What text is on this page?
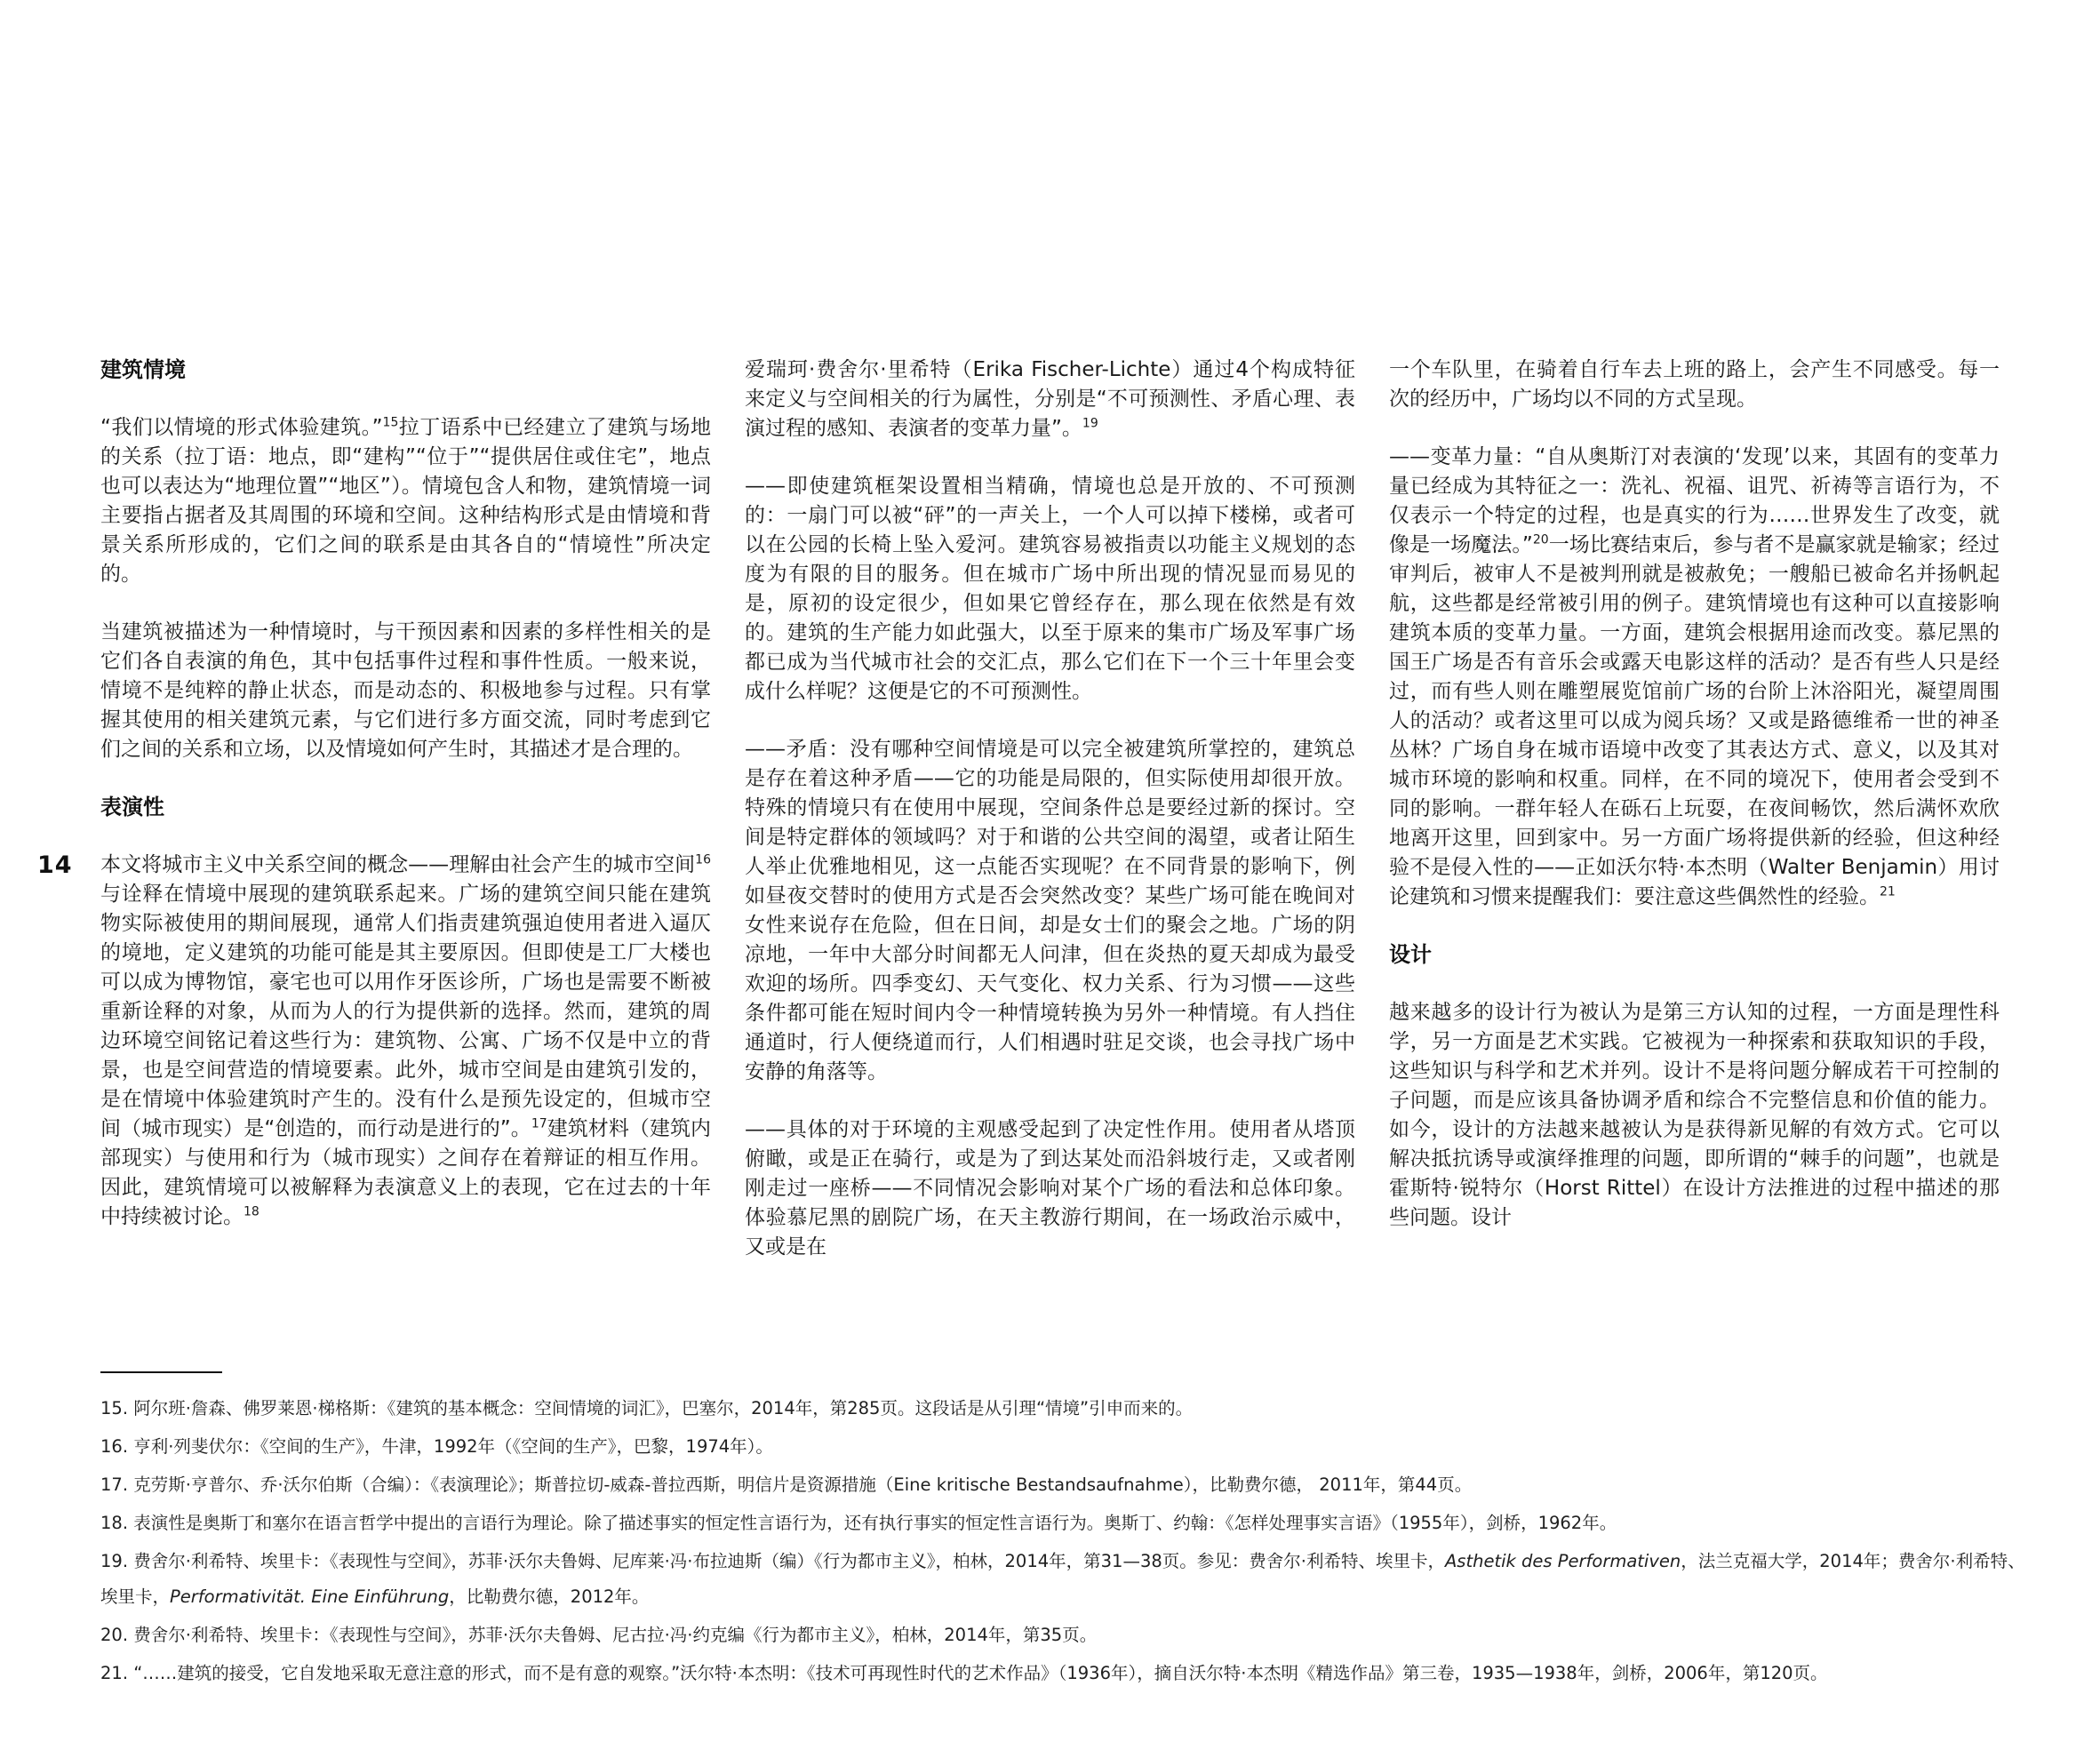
14
建筑情境

“我们以情境的形式体验建筑。”$^{15}$拉丁语系中已经建立了建筑与场地的关系（拉丁语：地点，即“建构”“位于”“提供居住或住宅”，地点也可以表达为“地理位置”“地区”）。情境包含人和物，建筑情境一词主要指占据者及其周围的环境和空间。这种结构形式是由情境和背景关系所形成的，它们之间的联系是由其各自的“情境性”所决定的。

当建筑被描述为一种情境时，与干预因素和因素的多样性相关的是它们各自表演的角色，其中包括事件过程和事件性质。一般来说，情境不是纯粹的静止状态，而是动态的、积极地参与过程。只有掌握其使用的相关建筑元素，与它们进行多方面交流，同时考虑到它们之间的关系和立场，以及情境如何产生时，其描述才是合理的。

表演性

本文将城市主义中关系空间的概念——理解由社会产生的城市空间$^{16}$与诠释在情境中展现的建筑联系起来。广场的建筑空间只能在建筑物实际被使用的期间展现，通常人们指责建筑强迫使用者进入逼仄的境地，定义建筑的功能可能是其主要原因。但即使是工厂大楼也可以成为博物馆，豪宅也可以用作牙医诊所，广场也是需要不断被重新诠释的对象，从而为人的行为提供新的选择。然而，建筑的周边环境空间铭记着这些行为：建筑物、公寓、广场不仅是中立的背景，也是空间营造的情境要素。此外，城市空间是由建筑引发的，是在情境中体验建筑时产生的。没有什么是预先设定的，但城市空间（城市现实）是“创造的，而行动是进行的”。$^{17}$建筑材料（建筑内部现实）与使用和行为（城市现实）之间存在着辩证的相互作用。因此，建筑情境可以被解释为表演意义上的表现，它在过去的十年中持续被讨论。$^{18}$

爱瑞珂·费舍尔·里希特（Erika Fischer-Lichte）通过4个构成特征来定义与空间相关的行为属性，分别是“不可预测性、矛盾心理、表演过程的感知、表演者的变革力量”。$^{19}$

——即使建筑框架设置相当精确，情境也总是开放的、不可预测的：一扇门可以被“砰”的一声关上，一个人可以掉下楼梯，或者可以在公园的长椅上坠入爱河。建筑容易被指责以功能主义规划的态度为有限的目的服务。但在城市广场中所出现的情况显而易见的是，原初的设定很少，但如果它曾经存在，那么现在依然是有效的。建筑的生产能力如此强大，以至于原来的集市广场及军事广场都已成为当代城市社会的交汇点，那么它们在下一个三十年里会变成什么样呢？这便是它的不可预测性。

——矛盾：没有哪种空间情境是可以完全被建筑所掌控的，建筑总是存在着这种矛盾——它的功能是局限的，但实际使用却很开放。特殊的情境只有在使用中展现，空间条件总是要经过新的探讨。空间是特定群体的领域吗？对于和谐的公共空间的渴望，或者让陌生人举止优雅地相见，这一点能否实现呢？在不同背景的影响下，例如昼夜交替时的使用方式是否会突然改变？某些广场可能在晚间对女性来说存在危险，但在日间，却是女士们的聚会之地。广场的阴凉地，一年中大部分时间都无人问津，但在炎热的夏天却成为最受欢迎的场所。四季变幻、天气变化、权力关系、行为习惯——这些条件都可能在短时间内令一种情境转换为另外一种情境。有人挡住通道时，行人便绕道而行，人们相遇时驻足交谈，也会寻找广场中安静的角落等。

——具体的对于环境的主观感受起到了决定性作用。使用者从塔顶俯瞰，或是正在骑行，或是为了到达某处而沿斜坡行走，又或者刚刚走过一座桥——不同情况会影响对某个广场的看法和总体印象。体验慕尼黑的剧院广场，在天主教游行期间，在一场政治示威中，又或是在

一个车队里，在骑着自行车去上班的路上，会产生不同感受。每一次的经历中，广场均以不同的方式呈现。

——变革力量：“自从奥斯汀对表演的‘发现’以来，其固有的变革力量已经成为其特征之一：洗礼、祝福、诅咒、祈祷等言语行为，不仅表示一个特定的过程，也是真实的行为……世界发生了改变，就像是一场魔法。”$^{20}$一场比赛结束后，参与者不是赢家就是输家；经过审判后，被审人不是被判刑就是被赦免；一艘船已被命名并扬帆起航，这些都是经常被引用的例子。建筑情境也有这种可以直接影响建筑本质的变革力量。一方面，建筑会根据用途而改变。慕尼黑的国王广场是否有音乐会或露天电影这样的活动？是否有些人只是经过，而有些人则在雕塑展览馆前广场的台阶上沐浴阳光，凝望周围人的活动？或者这里可以成为阅兵场？又或是路德维希一世的神圣丛林？广场自身在城市语境中改变了其表达方式、意义，以及其对城市环境的影响和权重。同样，在不同的境况下，使用者会受到不同的影响。一群年轻人在砾石上玩耍，在夜间畅饮，然后满怀欢欣地离开这里，回到家中。另一方面广场将提供新的经验，但这种经验不是侵入性的——正如沃尔特·本杰明（Walter Benjamin）用讨论建筑和习惯来提醒我们：要注意这些偶然性的经验。$^{21}$

设计

越来越多的设计行为被认为是第三方认知的过程，一方面是理性科学，另一方面是艺术实践。它被视为一种探索和获取知识的手段，这些知识与科学和艺术并列。设计不是将问题分解成若干可控制的子问题，而是应该具备协调矛盾和综合不完整信息和价值的能力。如今，设计的方法越来越被认为是获得新见解的有效方式。它可以解决抵抗诱导或演绎推理的问题，即所谓的“棘手的问题”，也就是霍斯特·锐特尔（Horst Rittel）在设计方法推进的过程中描述的那些问题。设计

15. 阿尔班·詹森、佛罗莱恩·梯格斯：《建筑的基本概念：空间情境的词汇》，巴塞尔，2014年，第285页。这段话是从引理“情境”引申而来的。

16. 亨利·列斐伏尔：《空间的生产》，牛津，1992年（《空间的生产》，巴黎，1974年）。

17. 克劳斯·亨普尔、乔·沃尔伯斯（合编）：《表演理论》；斯普拉切-威森-普拉西斯，明信片是资源措施（Eine kritische Bestandsaufnahme），比勒费尔德， 2011年，第44页。

18. 表演性是奥斯丁和塞尔在语言哲学中提出的言语行为理论。除了描述事实的恒定性言语行为，还有执行事实的恒定性言语行为。奥斯丁、约翰：《怎样处理事实言语》（1955年），剑桥，1962年。

19. 费舍尔·利希特、埃里卡：《表现性与空间》，苏菲·沃尔夫鲁姆、尼库莱·冯·布拉迪斯（编）《行为都市主义》，柏林，2014年，第31—38页。参见：费舍尔·利希特、埃里卡，Asthetik des Performativen，法兰克福大学，2014年；费舍尔·利希特、埃里卡，Performativität. Eine Einführung，比勒费尔德，2012年。

20. 费舍尔·利希特、埃里卡：《表现性与空间》，苏菲·沃尔夫鲁姆、尼古拉·冯·约克编《行为都市主义》，柏林，2014年，第35页。

21. “……建筑的接受，它自发地采取无意注意的形式，而不是有意的观察。”沃尔特·本杰明：《技术可再现性时代的艺术作品》（1936年），摘自沃尔特·本杰明《精选作品》第三卷，1935—1938年，剑桥，2006年，第120页。
